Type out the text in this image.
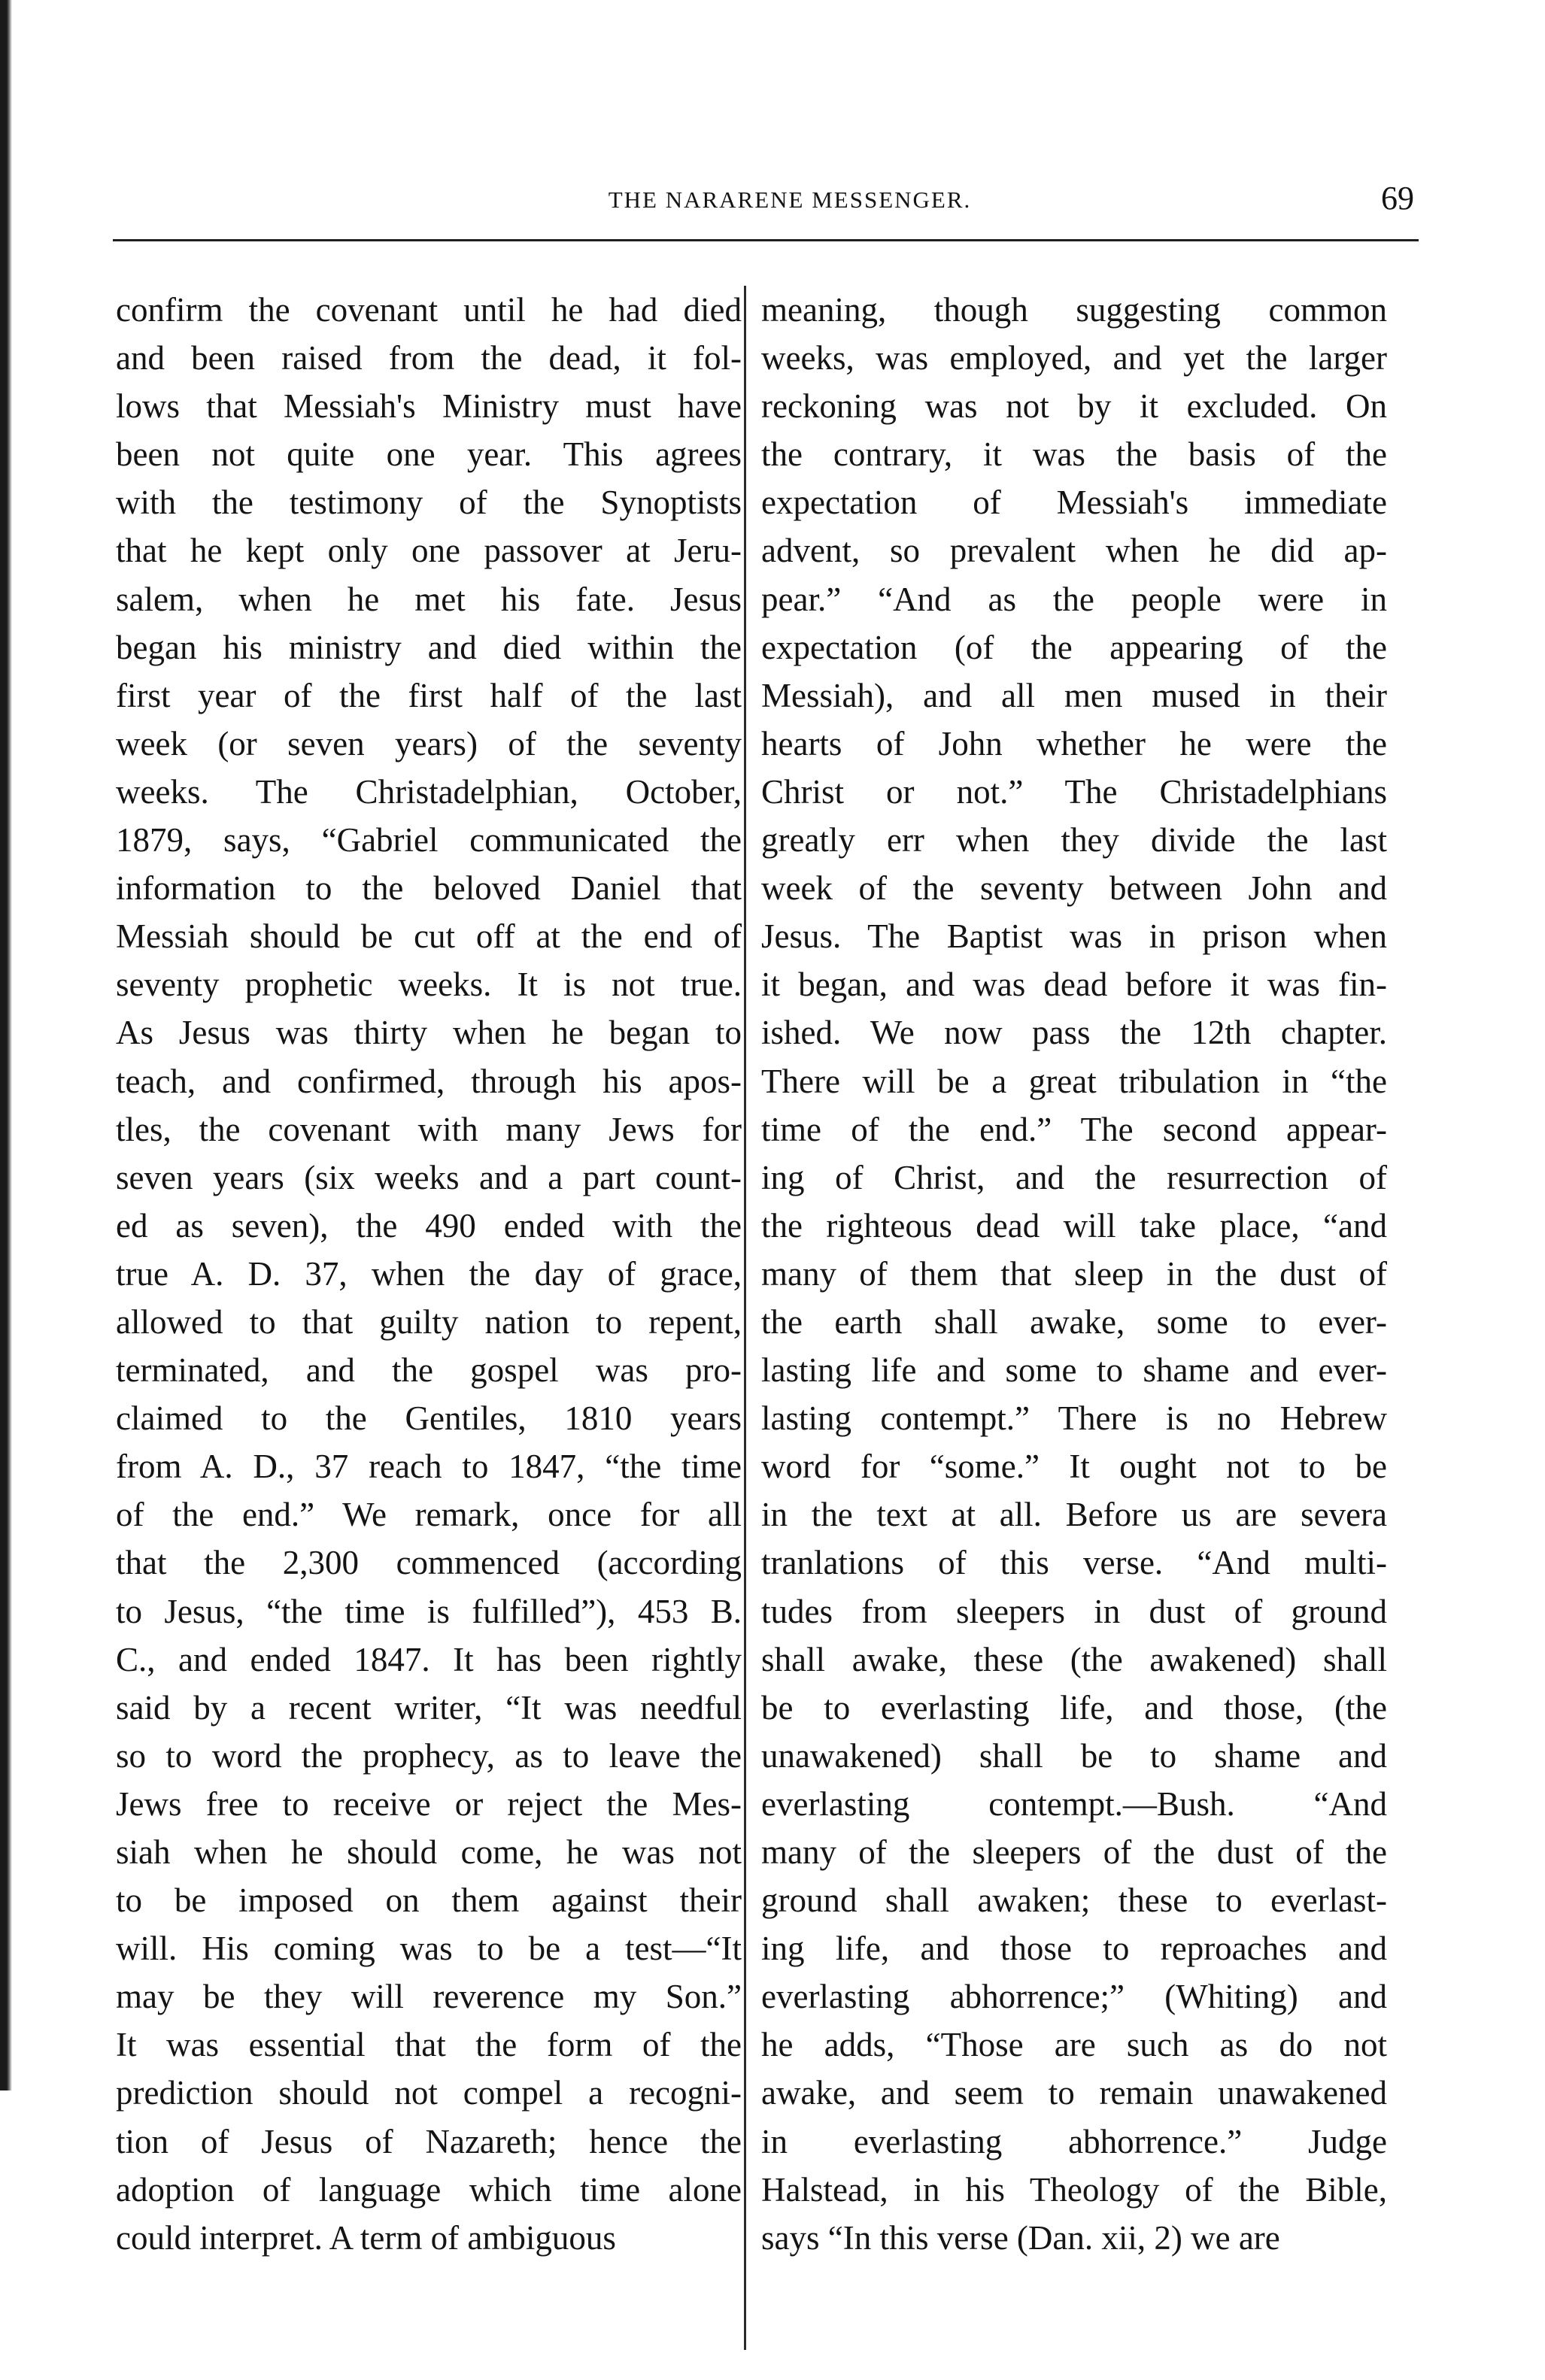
THE NARARENE MESSENGER.	69
confirm the covenant until he had died
and been raised from the dead, it fol-
lows that Messiah's Ministry must have
been not quite one year. This agrees
with the testimony of the Synoptists
that he kept only one passover at Jeru-
salem, when he met his fate. Jesus
began his ministry and died within the
first year of the first half of the last
week (or seven years) of the seventy
weeks. The Christadelphian, October,
1879, says, “Gabriel communicated the
information to the beloved Daniel that
Messiah should be cut off at the end of
seventy prophetic weeks. It is not true.
As Jesus was thirty when he began to
teach, and confirmed, through his apos-
tles, the covenant with many Jews for
seven years (six weeks and a part count-
ed as seven), the 490 ended with the
true A. D. 37, when the day of grace,
allowed to that guilty nation to repent,
terminated, and the gospel was pro-
claimed to the Gentiles, 1810 years
from A. D., 37 reach to 1847, “the time
of the end.” We remark, once for all
that the 2,300 commenced (according
to Jesus, “the time is fulfilled”), 453 B.
C., and ended 1847. It has been rightly
said by a recent writer, “It was needful
so to word the prophecy, as to leave the
Jews free to receive or reject the Mes-
siah when he should come, he was not
to be imposed on them against their
will. His coming was to be a test—“It
may be they will reverence my Son.”
It was essential that the form of the
prediction should not compel a recogni-
tion of Jesus of Nazareth; hence the
adoption of language which time alone
could interpret. A term of ambiguous
meaning, though suggesting common
weeks, was employed, and yet the larger
reckoning was not by it excluded. On
the contrary, it was the basis of the
expectation of Messiah's immediate
advent, so prevalent when he did ap-
pear.” “And as the people were in
expectation (of the appearing of the
Messiah), and all men mused in their
hearts of John whether he were the
Christ or not.” The Christadelphians
greatly err when they divide the last
week of the seventy between John and
Jesus. The Baptist was in prison when
it began, and was dead before it was fin-
ished. We now pass the 12th chapter.
There will be a great tribulation in “the
time of the end.” The second appear-
ing of Christ, and the resurrection of
the righteous dead will take place, “and
many of them that sleep in the dust of
the earth shall awake, some to ever-
lasting life and some to shame and ever-
lasting contempt.” There is no Hebrew
word for “some.” It ought not to be
in the text at all. Before us are severa
tranlations of this verse. “And multi-
tudes from sleepers in dust of ground
shall awake, these (the awakened) shall
be to everlasting life, and those, (the
unawakened) shall be to shame and
everlasting contempt.—Bush. “And
many of the sleepers of the dust of the
ground shall awaken; these to everlast-
ing life, and those to reproaches and
everlasting abhorrence;” (Whiting) and
he adds, “Those are such as do not
awake, and seem to remain unawakened
in everlasting abhorrence.” Judge
Halstead, in his Theology of the Bible,
says “In this verse (Dan. xii, 2) we are
